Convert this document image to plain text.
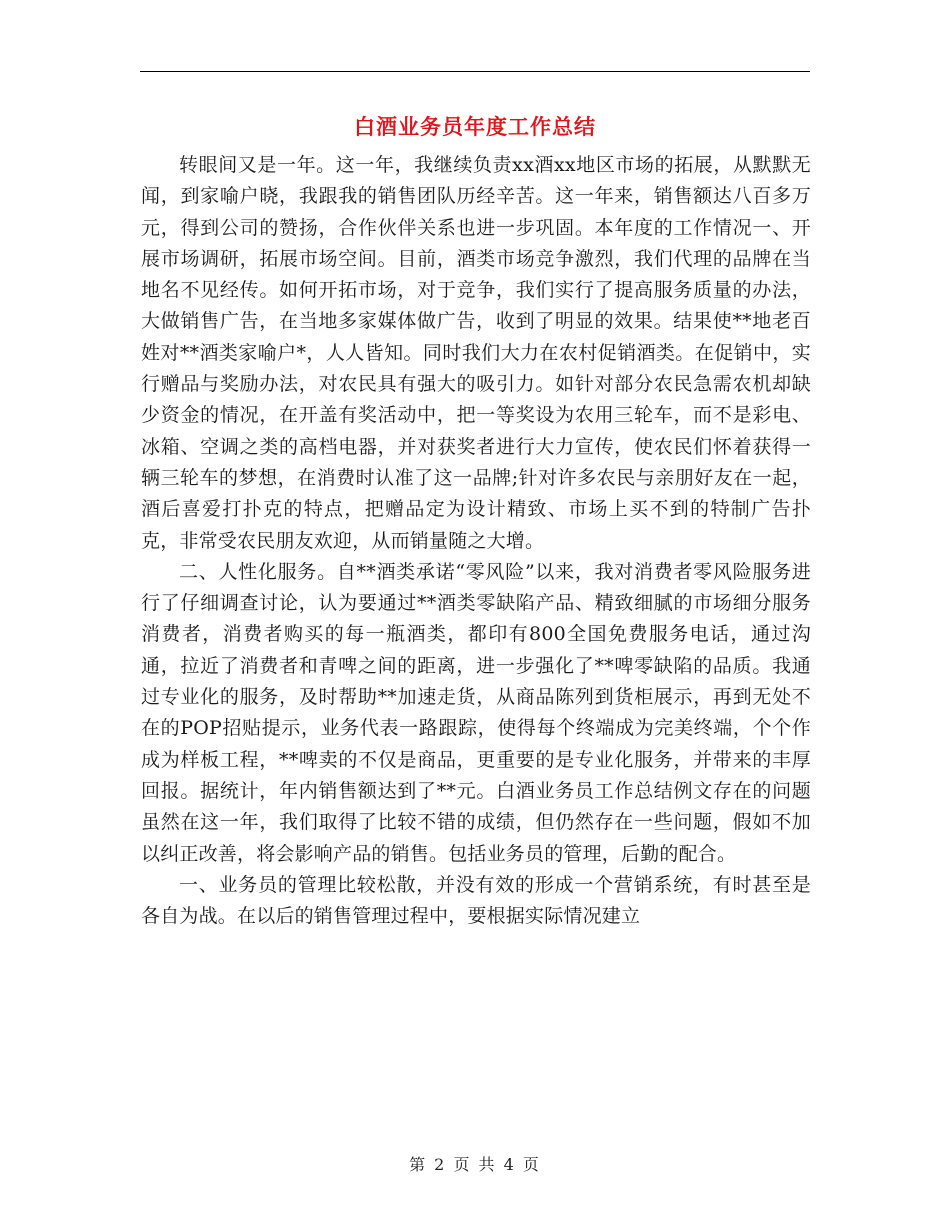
白酒业务员年度工作总结

转眼间又是一年。这一年，我继续负责xx酒xx地区市场的拓展，从默默无闻，到家喻户晓，我跟我的销售团队历经辛苦。这一年来，销售额达八百多万元，得到公司的赞扬，合作伙伴关系也进一步巩固。本年度的工作情况一、开展市场调研，拓展市场空间。目前，酒类市场竞争激烈，我们代理的品牌在当地名不见经传。如何开拓市场，对于竞争，我们实行了提高服务质量的办法，大做销售广告，在当地多家媒体做广告，收到了明显的效果。结果使**地老百姓对**酒类家喻户*，人人皆知。同时我们大力在农村促销酒类。在促销中，实行赠品与奖励办法，对农民具有强大的吸引力。如针对部分农民急需农机却缺少资金的情况，在开盖有奖活动中，把一等奖设为农用三轮车，而不是彩电、冰箱、空调之类的高档电器，并对获奖者进行大力宣传，使农民们怀着获得一辆三轮车的梦想，在消费时认准了这一品牌;针对许多农民与亲朋好友在一起，酒后喜爱打扑克的特点，把赠品定为设计精致、市场上买不到的特制广告扑克，非常受农民朋友欢迎，从而销量随之大增。

二、人性化服务。自**酒类承诺“零风险”以来，我对消费者零风险服务进行了仔细调查讨论，认为要通过**酒类零缺陷产品、精致细腻的市场细分服务消费者，消费者购买的每一瓶酒类，都印有800全国免费服务电话，通过沟通，拉近了消费者和青啤之间的距离，进一步强化了**啤零缺陷的品质。我通过专业化的服务，及时帮助**加速走货，从商品陈列到货柜展示，再到无处不在的POP招贴提示，业务代表一路跟踪，使得每个终端成为完美终端，个个作成为样板工程，**啤卖的不仅是商品，更重要的是专业化服务，并带来的丰厚回报。据统计，年内销售额达到了**元。白酒业务员工作总结例文存在的问题虽然在这一年，我们取得了比较不错的成绩，但仍然存在一些问题，假如不加以纠正改善，将会影响产品的销售。包括业务员的管理，后勤的配合。

一、业务员的管理比较松散，并没有效的形成一个营销系统，有时甚至是各自为战。在以后的销售管理过程中，要根据实际情况建立

第 2 页 共 4 页
